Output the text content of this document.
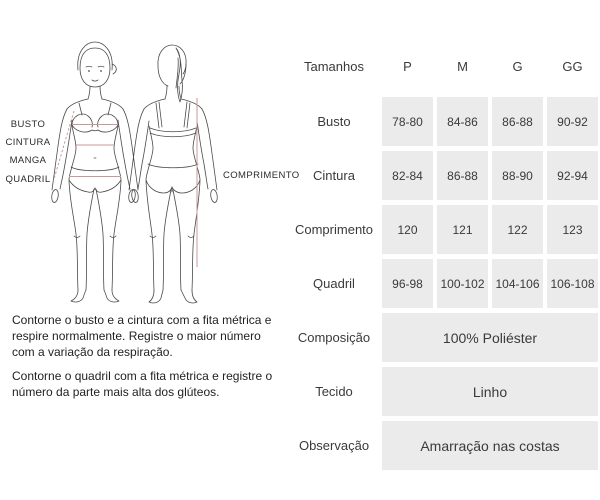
BUSTO
CINTURA
MANGA
QUADRIL	COMPRIMENTO
Contorne o busto e a cintura com a fita métrica e
respire normalmente. Registre o maior número
com a variação da respiração.
Contorne o quadril com a fita métrica e registre o
número da parte mais alta dos glúteos.
Tamanhos	P	M	G	GG
Busto	78-80	84-86	86-88	90-92
Cintura	82-84	86-88	88-90	92-94
Comprimento	120	121	122	123
Quadril	96-98	100-102 104-106 106-108
Composição	100% Poliéster
Tecido	Linho
Observação	Amarração nas costas
